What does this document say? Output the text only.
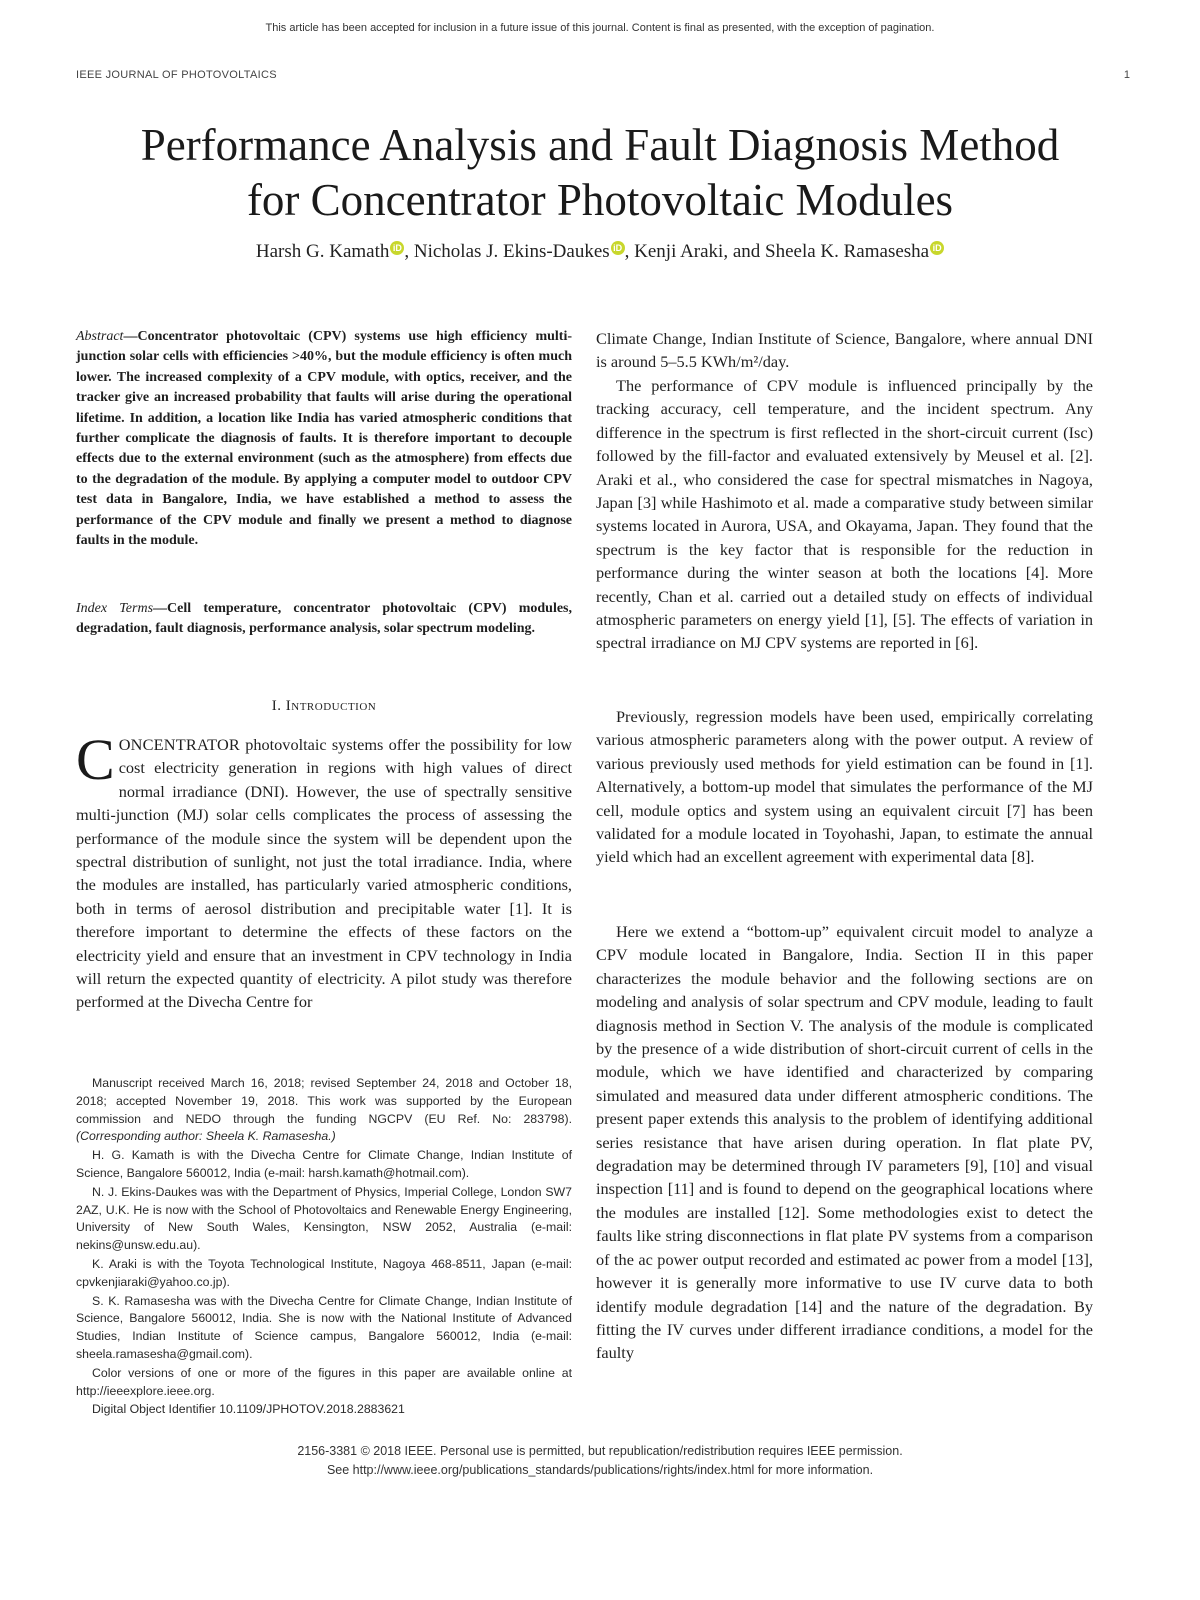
This article has been accepted for inclusion in a future issue of this journal. Content is final as presented, with the exception of pagination.
IEEE JOURNAL OF PHOTOVOLTAICS	1
Performance Analysis and Fault Diagnosis Method
for Concentrator Photovoltaic Modules
Harsh G. Kamath iD , Nicholas J. Ekins-Daukes iD , Kenji Araki, and Sheela K. Ramasesha iD
Abstract—Concentrator photovoltaic (CPV) systems use high efficiency multi-junction solar cells with efficiencies >40%, but the module efficiency is often much lower. The increased complexity of a CPV module, with optics, receiver, and the tracker give an increased probability that faults will arise during the operational lifetime. In addition, a location like India has varied atmospheric conditions that further complicate the diagnosis of faults. It is therefore important to decouple effects due to the external environment (such as the atmosphere) from effects due to the degradation of the module. By applying a computer model to outdoor CPV test data in Bangalore, India, we have established a method to assess the performance of the CPV module and finally we present a method to diagnose faults in the module.
Index Terms—Cell temperature, concentrator photovoltaic (CPV) modules, degradation, fault diagnosis, performance analysis, solar spectrum modeling.
I. Introduction
CONCENTRATOR photovoltaic systems offer the possibility for low cost electricity generation in regions with high values of direct normal irradiance (DNI). However, the use of spectrally sensitive multi-junction (MJ) solar cells complicates the process of assessing the performance of the module since the system will be dependent upon the spectral distribution of sunlight, not just the total irradiance. India, where the modules are installed, has particularly varied atmospheric conditions, both in terms of aerosol distribution and precipitable water [1]. It is therefore important to determine the effects of these factors on the electricity yield and ensure that an investment in CPV technology in India will return the expected quantity of electricity. A pilot study was therefore performed at the Divecha Centre for

Manuscript received March 16, 2018; revised September 24, 2018 and October 18, 2018; accepted November 19, 2018. This work was supported by the European commission and NEDO through the funding NGCPV (EU Ref. No: 283798). (Corresponding author: Sheela K. Ramasesha.)

H. G. Kamath is with the Divecha Centre for Climate Change, Indian Institute of Science, Bangalore 560012, India (e-mail: harsh.kamath@hotmail.com).

N. J. Ekins-Daukes was with the Department of Physics, Imperial College, London SW7 2AZ, U.K. He is now with the School of Photovoltaics and Renewable Energy Engineering, University of New South Wales, Kensington, NSW 2052, Australia (e-mail: nekins@unsw.edu.au).

K. Araki is with the Toyota Technological Institute, Nagoya 468-8511, Japan (e-mail: cpvkenjiaraki@yahoo.co.jp).

S. K. Ramasesha was with the Divecha Centre for Climate Change, Indian Institute of Science, Bangalore 560012, India. She is now with the National Institute of Advanced Studies, Indian Institute of Science campus, Bangalore 560012, India (e-mail: sheela.ramasesha@gmail.com).

Color versions of one or more of the figures in this paper are available online at http://ieeexplore.ieee.org.

Digital Object Identifier 10.1109/JPHOTOV.2018.2883621

Climate Change, Indian Institute of Science, Bangalore, where annual DNI is around 5–5.5 KWh/m²/day.
The performance of CPV module is influenced principally by the tracking accuracy, cell temperature, and the incident spectrum. Any difference in the spectrum is first reflected in the short-circuit current (Isc) followed by the fill-factor and evaluated extensively by Meusel et al. [2]. Araki et al., who considered the case for spectral mismatches in Nagoya, Japan [3] while Hashimoto et al. made a comparative study between similar systems located in Aurora, USA, and Okayama, Japan. They found that the spectrum is the key factor that is responsible for the reduction in performance during the winter season at both the locations [4]. More recently, Chan et al. carried out a detailed study on effects of individual atmospheric parameters on energy yield [1], [5]. The effects of variation in spectral irradiance on MJ CPV systems are reported in [6].
Previously, regression models have been used, empirically correlating various atmospheric parameters along with the power output. A review of various previously used methods for yield estimation can be found in [1]. Alternatively, a bottom-up model that simulates the performance of the MJ cell, module optics and system using an equivalent circuit [7] has been validated for a module located in Toyohashi, Japan, to estimate the annual yield which had an excellent agreement with experimental data [8].
Here we extend a “bottom-up” equivalent circuit model to analyze a CPV module located in Bangalore, India. Section II in this paper characterizes the module behavior and the following sections are on modeling and analysis of solar spectrum and CPV module, leading to fault diagnosis method in Section V. The analysis of the module is complicated by the presence of a wide distribution of short-circuit current of cells in the module, which we have identified and characterized by comparing simulated and measured data under different atmospheric conditions. The present paper extends this analysis to the problem of identifying additional series resistance that have arisen during operation. In flat plate PV, degradation may be determined through IV parameters [9], [10] and visual inspection [11] and is found to depend on the geographical locations where the modules are installed [12]. Some methodologies exist to detect the faults like string disconnections in flat plate PV systems from a comparison of the ac power output recorded and estimated ac power from a model [13], however it is generally more informative to use IV curve data to both identify module degradation [14] and the nature of the degradation. By fitting the IV curves under different irradiance conditions, a model for the faulty
2156-3381 © 2018 IEEE. Personal use is permitted, but republication/redistribution requires IEEE permission.
See http://www.ieee.org/publications_standards/publications/rights/index.html for more information.
